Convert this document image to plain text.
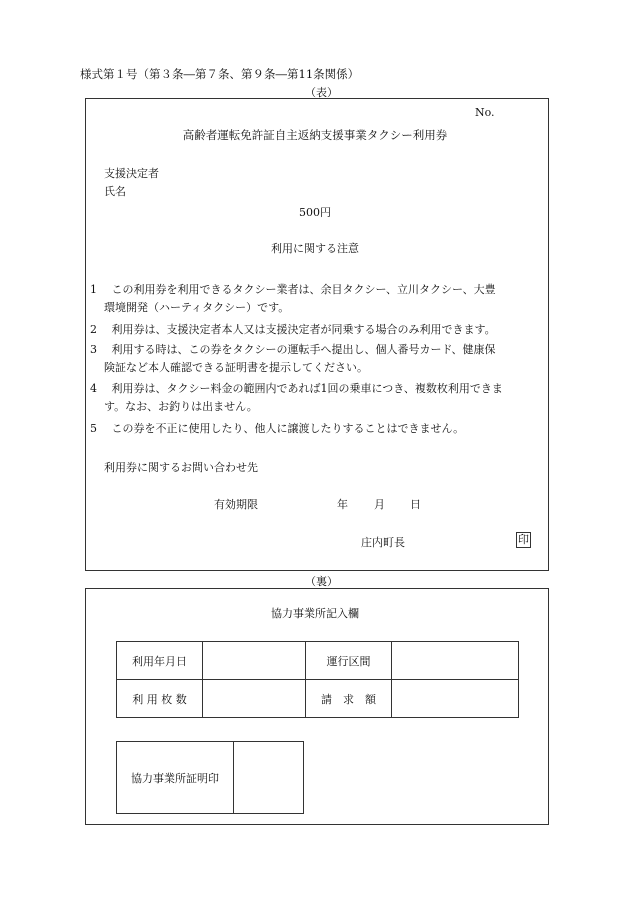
様式第１号（第３条―第７条、第９条―第11条関係）
（表）
No.
高齢者運転免許証自主返納支援事業タクシー利用券
支援決定者
氏名
500円
利用に関する注意
1　 この利用券を利用できるタクシー業者は、余目タクシー、立川タクシー、大豊
環境開発（ハーティタクシー）です。
2　 利用券は、支援決定者本人又は支援決定者が同乗する場合のみ利用できます。
3　 利用する時は、この券をタクシーの運転手へ提出し、個人番号カード、健康保
険証など本人確認できる証明書を提示してください。
4　 利用券は、タクシー料金の範囲内であれば1回の乗車につき、複数枚利用できま
す。なお、お釣りは出ません。
5　 この券を不正に使用したり、他人に譲渡したりすることはできません。
利用券に関するお問い合わせ先
有効期限	年 月 日
庄内町長	印
（裏）
協力事業所記入欄
利用年月日		運行区間	
利 用 枚 数		請　求　額	
協力事業所証明印	
